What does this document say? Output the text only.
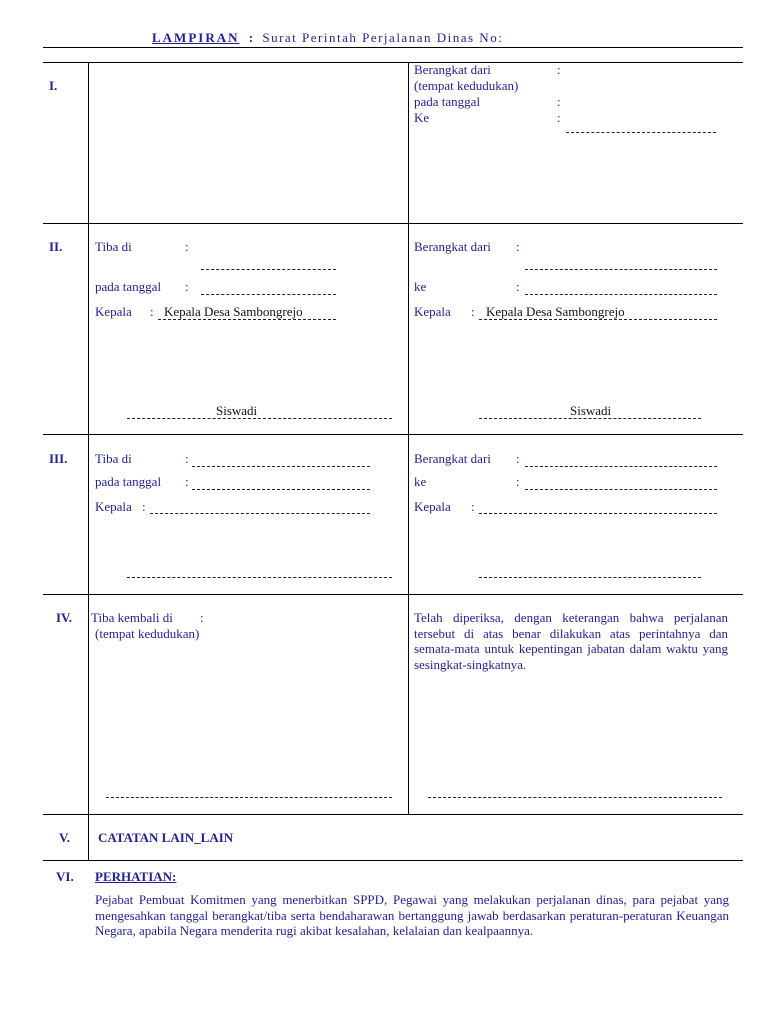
LAMPIRAN : Surat Perintah Perjalanan Dinas No:
I.
Berangkat dari	:
(tempat kedudukan)
pada tanggal	:
Ke	:
II.	Tiba di	:
pada tanggal :
Kepala : Kepala Desa Sambongrejo
Siswadi
Berangkat dari :
ke	:
Kepala : Kepala Desa Sambongrejo
Siswadi
III. Tiba di	:
pada tanggal :
Kepala :
Berangkat dari :
ke	:
Kepala :
IV. Tiba kembali di :
(tempat kedudukan)
Telah diperiksa, dengan keterangan bahwa perjalanan tersebut di atas benar dilakukan atas perintahnya dan semata-mata untuk kepentingan jabatan dalam waktu yang sesingkat-singkatnya.
V. CATATAN LAIN_LAIN
VI. PERHATIAN:
Pejabat Pembuat Komitmen yang menerbitkan SPPD, Pegawai yang melakukan perjalanan dinas, para pejabat yang mengesahkan tanggal berangkat/tiba serta bendaharawan bertanggung jawab berdasarkan peraturan-peraturan Keuangan Negara, apabila Negara menderita rugi akibat kesalahan, kelalaian dan kealpaannya.
